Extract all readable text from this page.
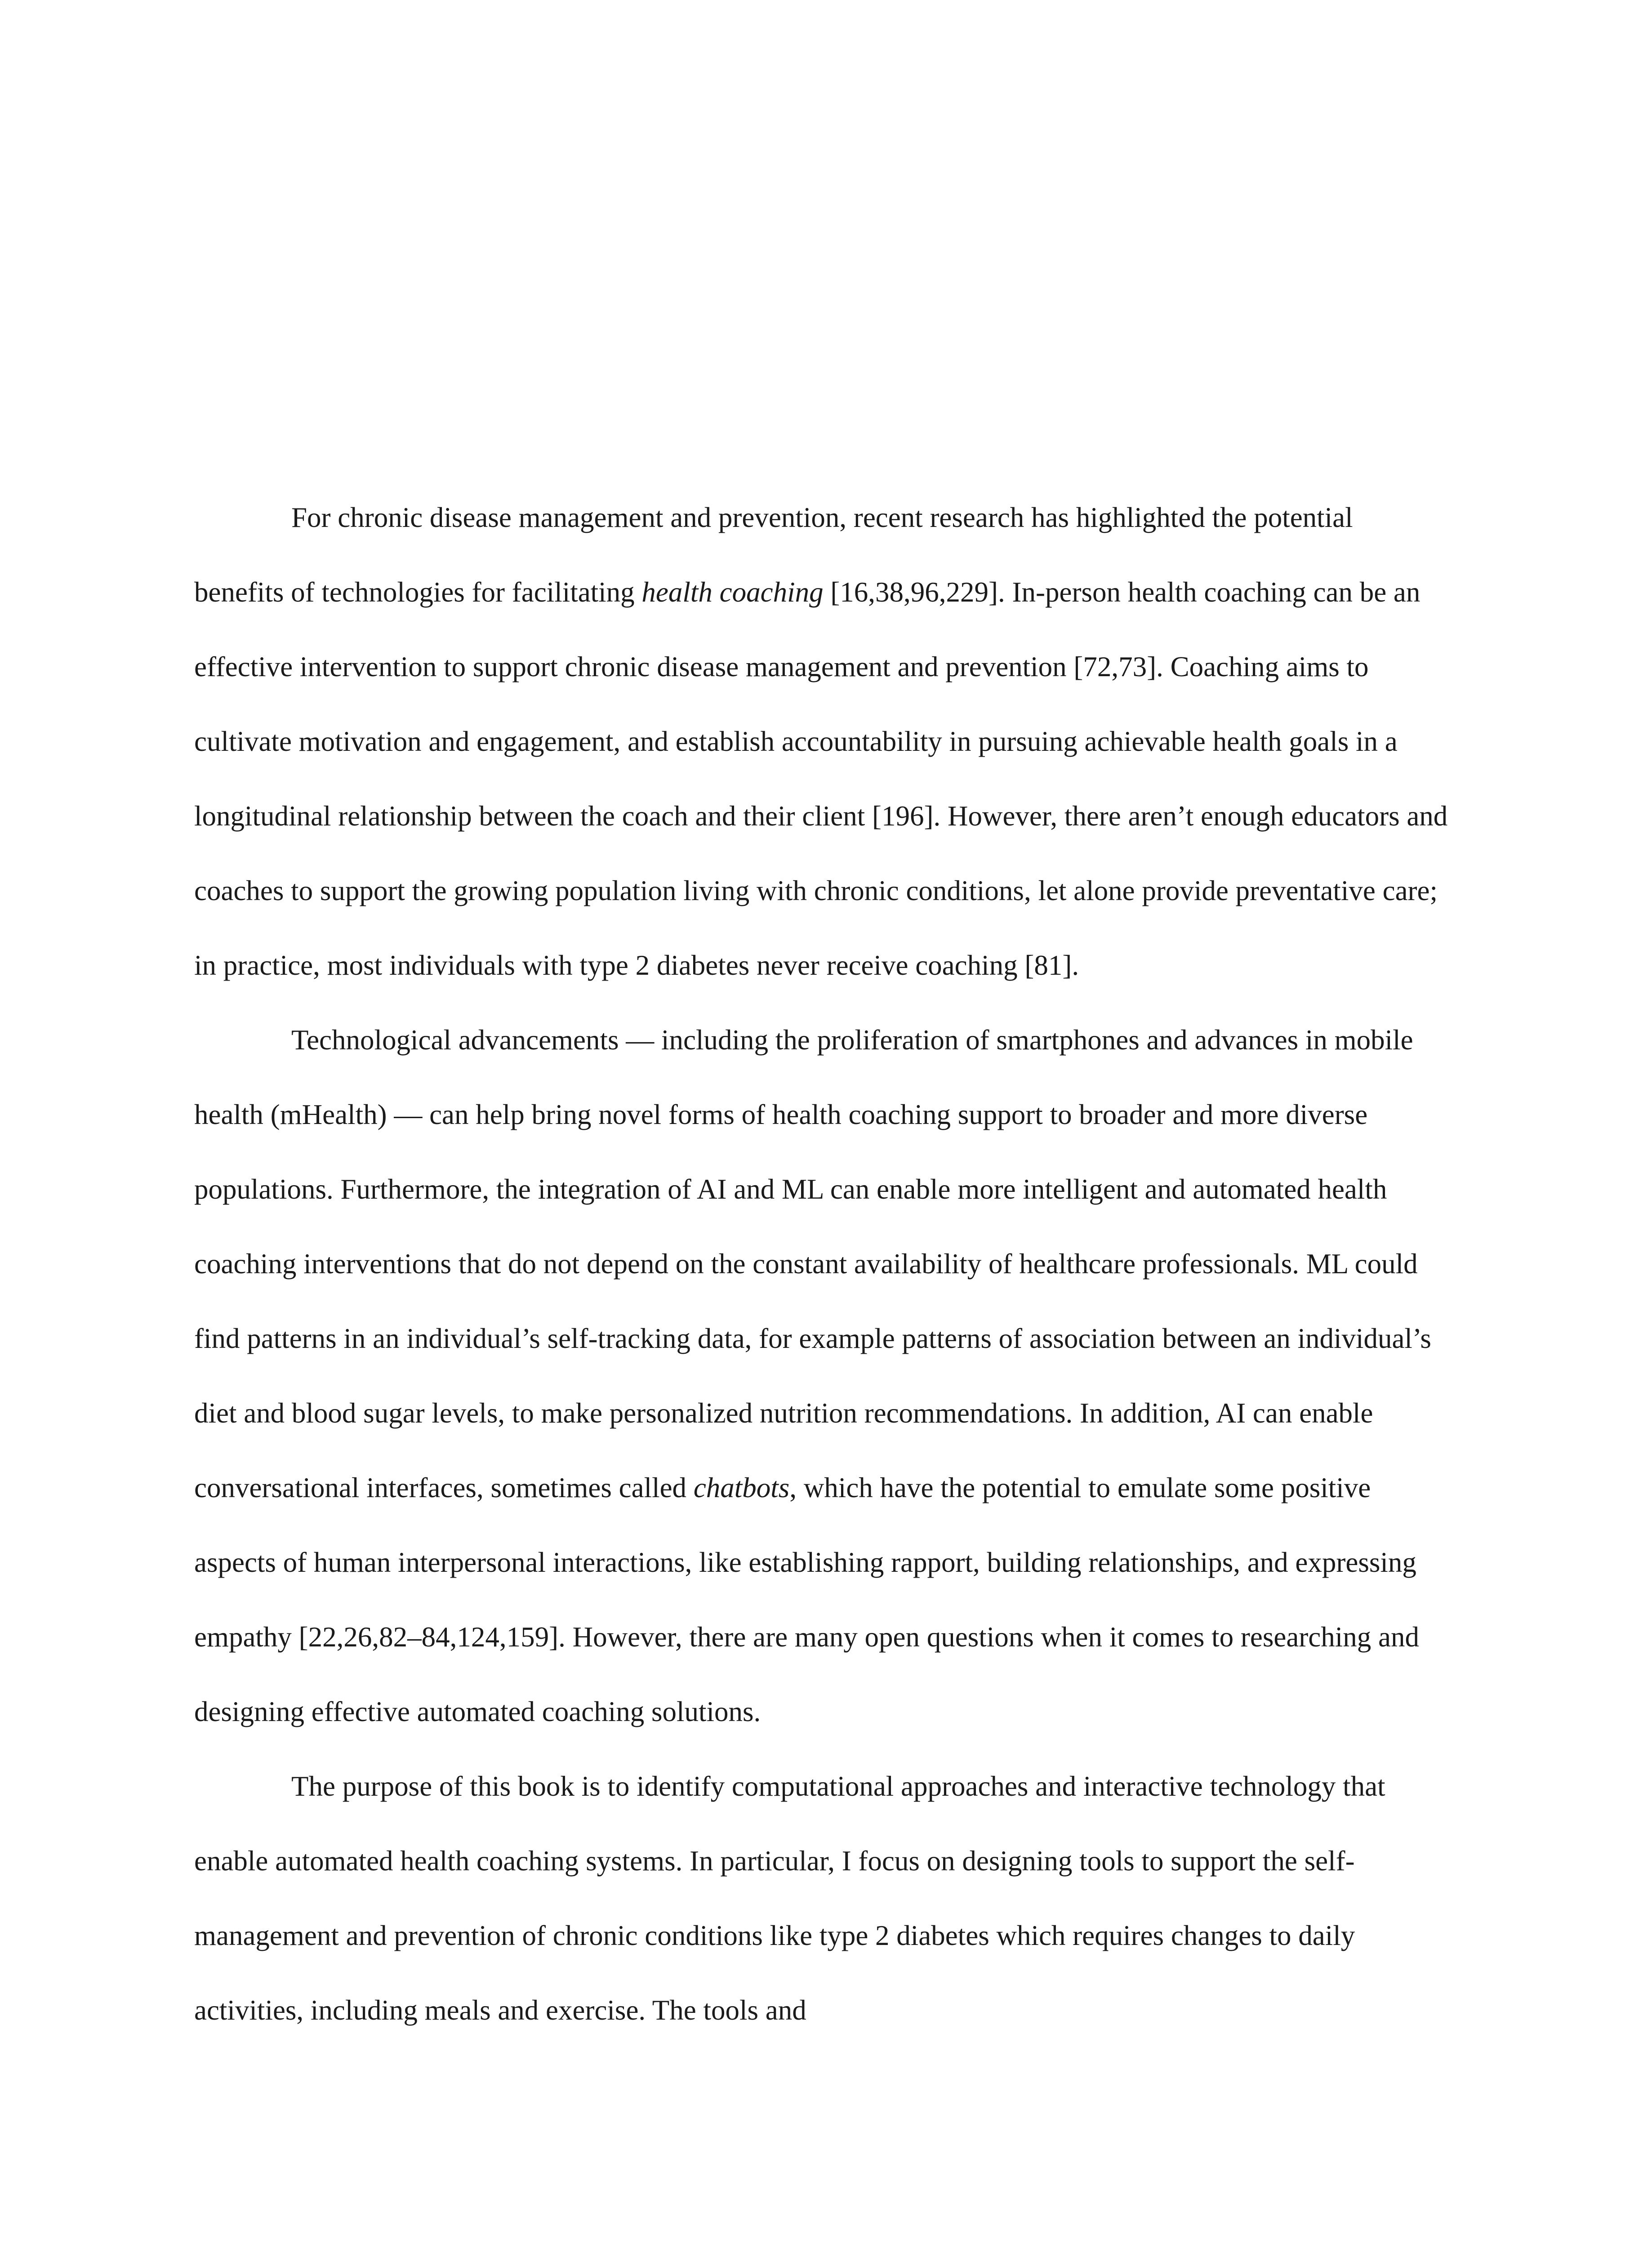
For chronic disease management and prevention, recent research has highlighted the potential benefits of technologies for facilitating health coaching [16,38,96,229]. In-person health coaching can be an effective intervention to support chronic disease management and prevention [72,73]. Coaching aims to cultivate motivation and engagement, and establish accountability in pursuing achievable health goals in a longitudinal relationship between the coach and their client [196]. However, there aren’t enough educators and coaches to support the growing population living with chronic conditions, let alone provide preventative care; in practice, most individuals with type 2 diabetes never receive coaching [81].

Technological advancements — including the proliferation of smartphones and advances in mobile health (mHealth) — can help bring novel forms of health coaching support to broader and more diverse populations. Furthermore, the integration of AI and ML can enable more intelligent and automated health coaching interventions that do not depend on the constant availability of healthcare professionals. ML could find patterns in an individual’s self-tracking data, for example patterns of association between an individual’s diet and blood sugar levels, to make personalized nutrition recommendations. In addition, AI can enable conversational interfaces, sometimes called chatbots, which have the potential to emulate some positive aspects of human interpersonal interactions, like establishing rapport, building relationships, and expressing empathy [22,26,82–84,124,159]. However, there are many open questions when it comes to researching and designing effective automated coaching solutions.

The purpose of this book is to identify computational approaches and interactive technology that enable automated health coaching systems. In particular, I focus on designing tools to support the self-management and prevention of chronic conditions like type 2 diabetes which requires changes to daily activities, including meals and exercise. The tools and
